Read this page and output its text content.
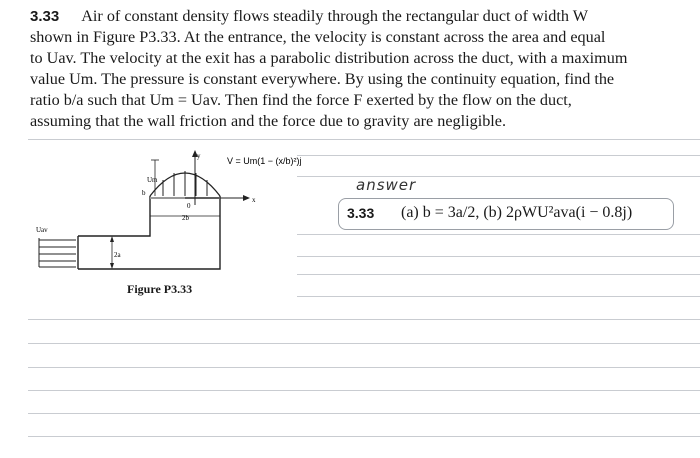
3.33 Air of constant density flows steadily through the rectangular duct of width W
shown in Figure P3.33. At the entrance, the velocity is constant across the area and equal
to Uav. The velocity at the exit has a parabolic distribution across the duct, with a maximum
value Um. The pressure is constant everywhere. By using the continuity equation, find the
ratio b/a such that Um = Uav. Then find the force F exerted by the flow on the duct,
assuming that the wall friction and the force due to gravity are negligible.
y
x
Um
b
0
2b
Uav
2a
V = Um(1 − (x/b)²)j
Figure P3.33
answer
3.33 (a) b = 3a/2, (b) 2ρWU²ava(i − 0.8j)
